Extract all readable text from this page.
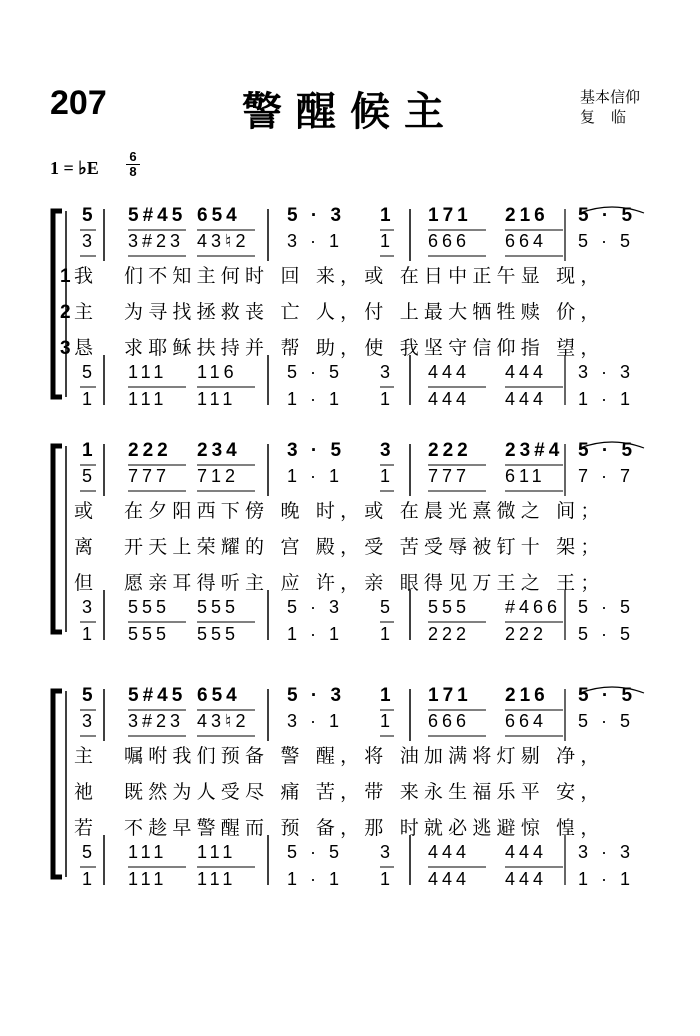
207	警醒候主	基本信仰
复临
1 = ♭E
6
8
5 5#45 654 5 · 3 1 171 216 5 · 5
3 3#23 43♮2 3 · 1 1 666 664 5 · 5
5 111 116	5 · 5 3 444 444 3 · 3
1 111 111	1 · 1 1 444 444 1 · 1
1 我 们不知主何时 回 来，或 在日中正午显 现，
2 主 为寻找拯救丧 亡 人，付 上最大牺牲赎 价，
3 恳 求耶稣扶持并 帮 助，使 我坚守信仰指 望，
1 222 234 3 · 5 3 222 23#4 5 · 5
5 777 712	1 · 1 1 777 611 7 · 7
3 555 555	5 · 3 5 555 #466 5 · 5
1 555 555	1 · 1 1 222 222 5 · 5
或 在夕阳西下傍 晚 时，或 在晨光熹微之 间；
离 开天上荣耀的 宫 殿，受 苦受辱被钉十 架；
但 愿亲耳得听主 应 许，亲 眼得见万王之 王；
5 5#45 654 5 · 3 1 171 216 5 · 5
3 3#23 43♮2 3 · 1 1 666 664 5 · 5
5 111 111	5 · 5 3 444 444 3 · 3
1 111 111	1 · 1 1 444 444 1 · 1
主 嘱咐我们预备 警 醒，将 油加满将灯剔 净，
祂 既然为人受尽 痛 苦，带 来永生福乐平 安，
若 不趁早警醒而 预 备，那 时就必逃避惊 惶，
